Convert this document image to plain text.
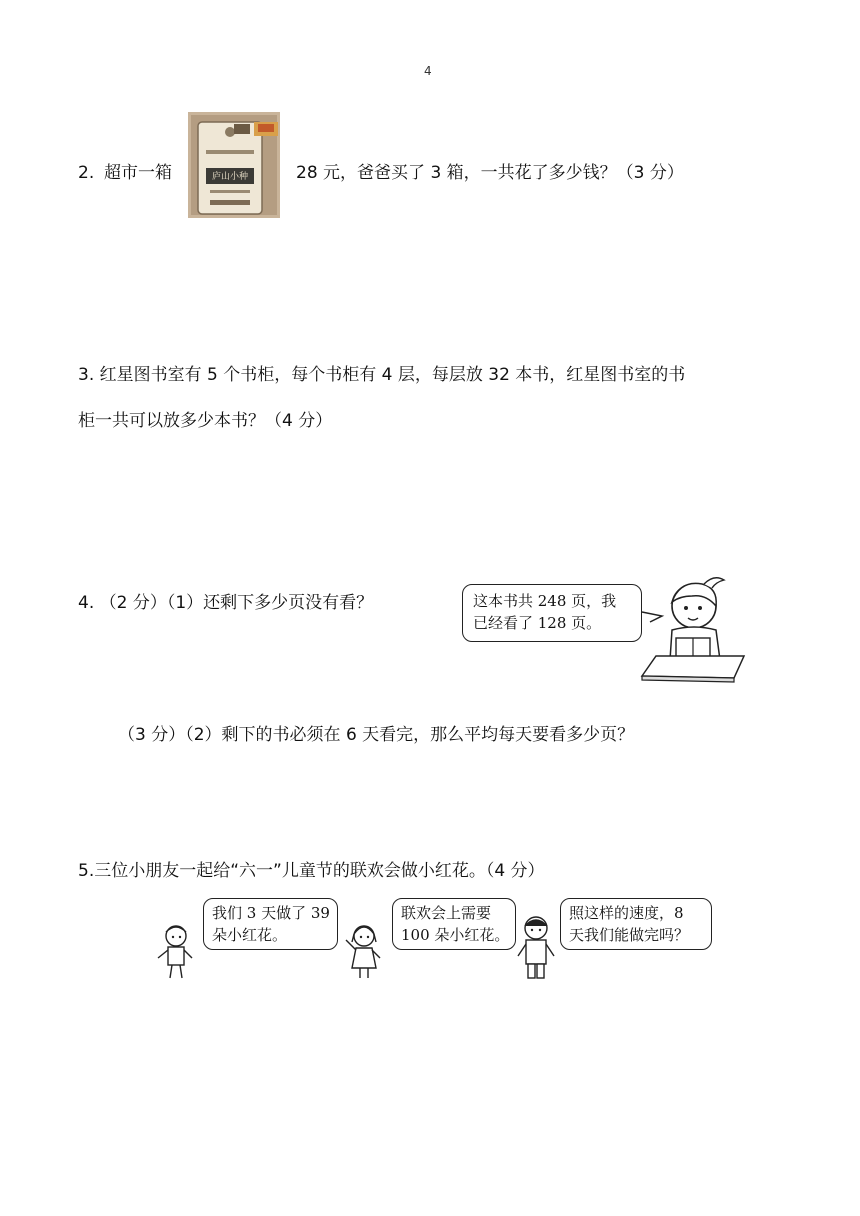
4
2. 超市一箱	庐山小种	28 元，爸爸买了 3 箱，一共花了多少钱？（3 分）
3. 红星图书室有 5 个书柜，每个书柜有 4 层，每层放 32 本书，红星图书室的书
柜一共可以放多少本书？（4 分）
4. （2 分）（1）还剩下多少页没有看？	这本书共 248 页，我
已经看了 128 页。
（3 分）（2）剩下的书必须在 6 天看完，那么平均每天要看多少页？
5.三位小朋友一起给“六一”儿童节的联欢会做小红花。（4 分）
我们 3 天做了 39
朵小红花。
联欢会上需要
100 朵小红花。
照这样的速度，8
天我们能做完吗？
